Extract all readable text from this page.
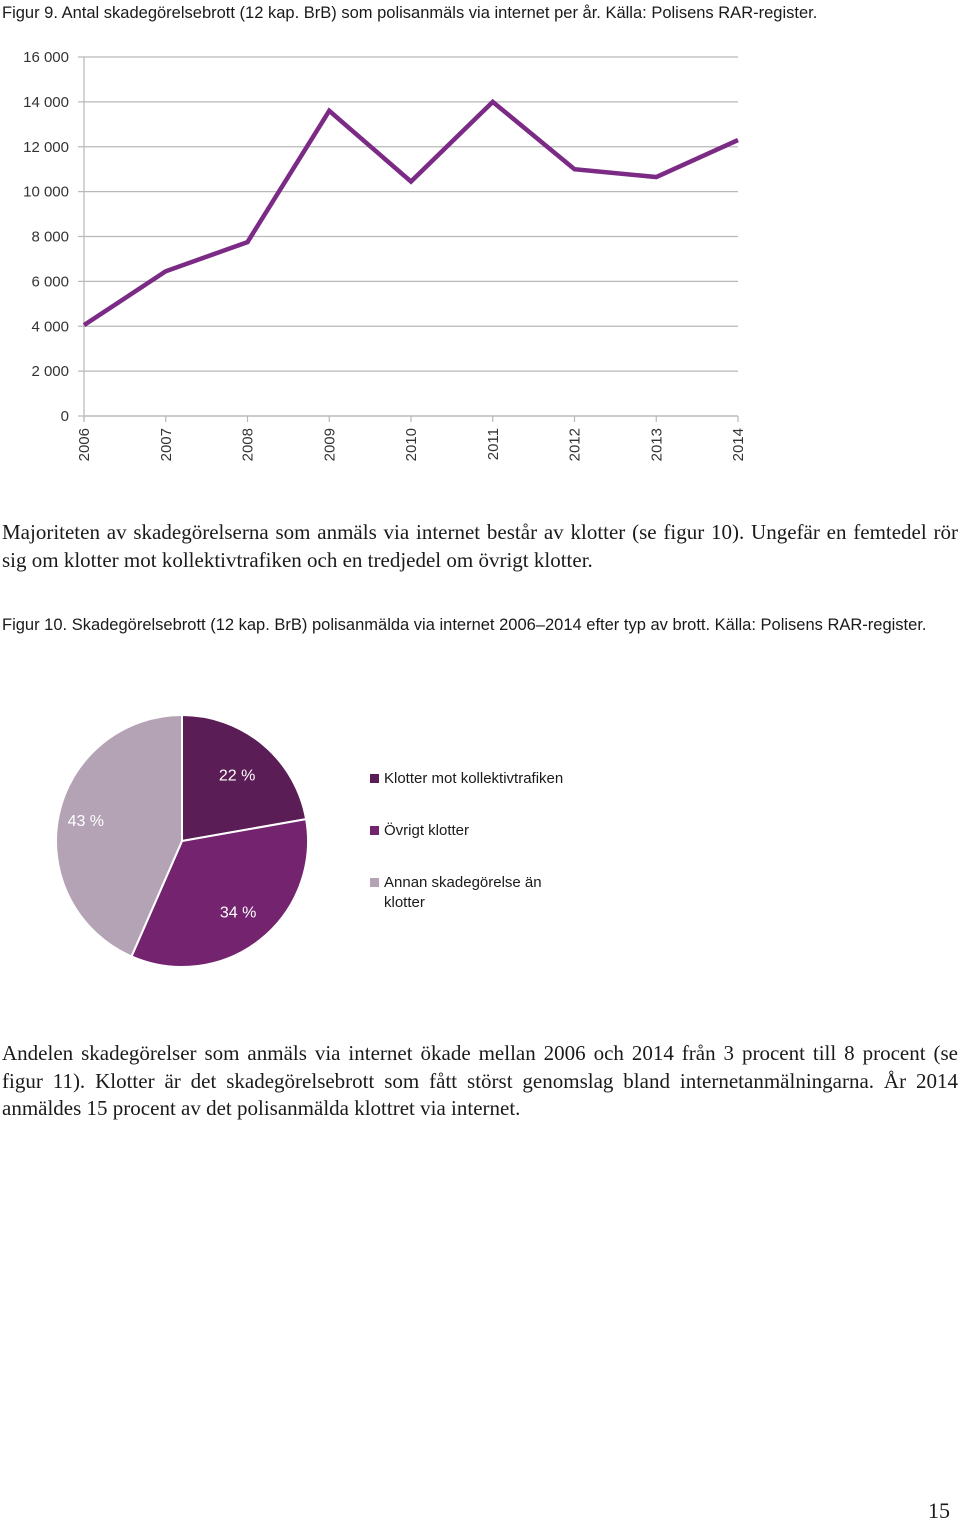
Figur 9. Antal skadegörelsebrott (12 kap. BrB) som polisanmäls via internet per år. Källa: Polisens RAR-register.
0
2 000
4 000
6 000
8 000
10 000
12 000
14 000
16 000
2006	2007	2008	2009	2010	2011	2012	2013	2014
Majoriteten av skadegörelserna som anmäls via internet består av klotter (se figur 10). Ungefär en femtedel rör sig om klotter mot kollektivtrafiken och en tredjedel om övrigt klotter.
Figur 10. Skadegörelsebrott (12 kap. BrB) polisanmälda via internet 2006–2014 efter typ av brott. Källa: Polisens RAR-register.
22 %
34 %
43 %
Klotter mot kollektivtrafiken
Övrigt klotter
Annan skadegörelse än klotter
Andelen skadegörelser som anmäls via internet ökade mellan 2006 och 2014 från 3 procent till 8 procent (se figur 11). Klotter är det skadegörelsebrott som fått störst genomslag bland internetanmälningarna. År 2014 anmäldes 15 procent av det polisanmälda klottret via internet.
15
